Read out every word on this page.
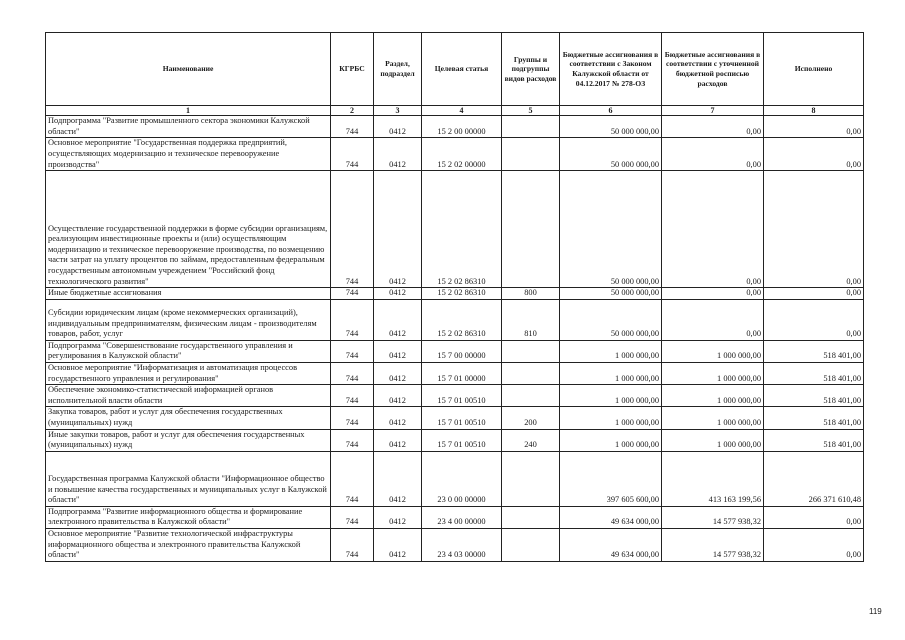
Наименование	КГРБС	Раздел, подраздел	Целевая статья	Группы и подгруппы видов расходов	Бюджетные ассигнования в соответствии с Законом Калужской области от 04.12.2017 № 278-ОЗ	Бюджетные ассигнования в соответствии с уточненной бюджетной росписью расходов	Исполнено
1	2	3	4	5	6	7	8
Подпрограмма "Развитие промышленного сектора экономики Калужской области"	744	0412	15 2 00 00000		50 000 000,00	0,00	0,00
Основное мероприятие "Государственная поддержка предприятий, осуществляющих модернизацию и техническое перевооружение производства"	744	0412	15 2 02 00000		50 000 000,00	0,00	0,00
Осуществление государственной поддержки в форме субсидии организациям, реализующим инвестиционные проекты и (или) осуществляющим модернизацию и техническое перевооружение производства, по возмещению части затрат на уплату процентов по займам, предоставленным федеральным государственным автономным учреждением "Российский фонд технологического развития"	744	0412	15 2 02 86310		50 000 000,00	0,00	0,00
Иные бюджетные ассигнования	744	0412	15 2 02 86310	800	50 000 000,00	0,00	0,00
Субсидии юридическим лицам (кроме некоммерческих организаций), индивидуальным предпринимателям, физическим лицам - производителям товаров, работ, услуг	744	0412	15 2 02 86310	810	50 000 000,00	0,00	0,00
Подпрограмма "Совершенствование государственного управления и регулирования в Калужской области"	744	0412	15 7 00 00000		1 000 000,00	1 000 000,00	518 401,00
Основное мероприятие "Информатизация и автоматизация процессов государственного управления и регулирования"	744	0412	15 7 01 00000		1 000 000,00	1 000 000,00	518 401,00
Обеспечение экономико-статистической информацией органов исполнительной власти области	744	0412	15 7 01 00510		1 000 000,00	1 000 000,00	518 401,00
Закупка товаров, работ и услуг для обеспечения государственных (муниципальных) нужд	744	0412	15 7 01 00510	200	1 000 000,00	1 000 000,00	518 401,00
Иные закупки товаров, работ и услуг для обеспечения государственных (муниципальных) нужд	744	0412	15 7 01 00510	240	1 000 000,00	1 000 000,00	518 401,00
Государственная программа Калужской области "Информационное общество и повышение качества государственных и муниципальных услуг в Калужской области"	744	0412	23 0 00 00000		397 605 600,00	413 163 199,56	266 371 610,48
Подпрограмма "Развитие информационного общества и формирование электронного правительства в Калужской области"	744	0412	23 4 00 00000		49 634 000,00	14 577 938,32	0,00
Основное мероприятие "Развитие технологической инфраструктуры информационного общества и электронного правительства Калужской области"	744	0412	23 4 03 00000		49 634 000,00	14 577 938,32	0,00
119
